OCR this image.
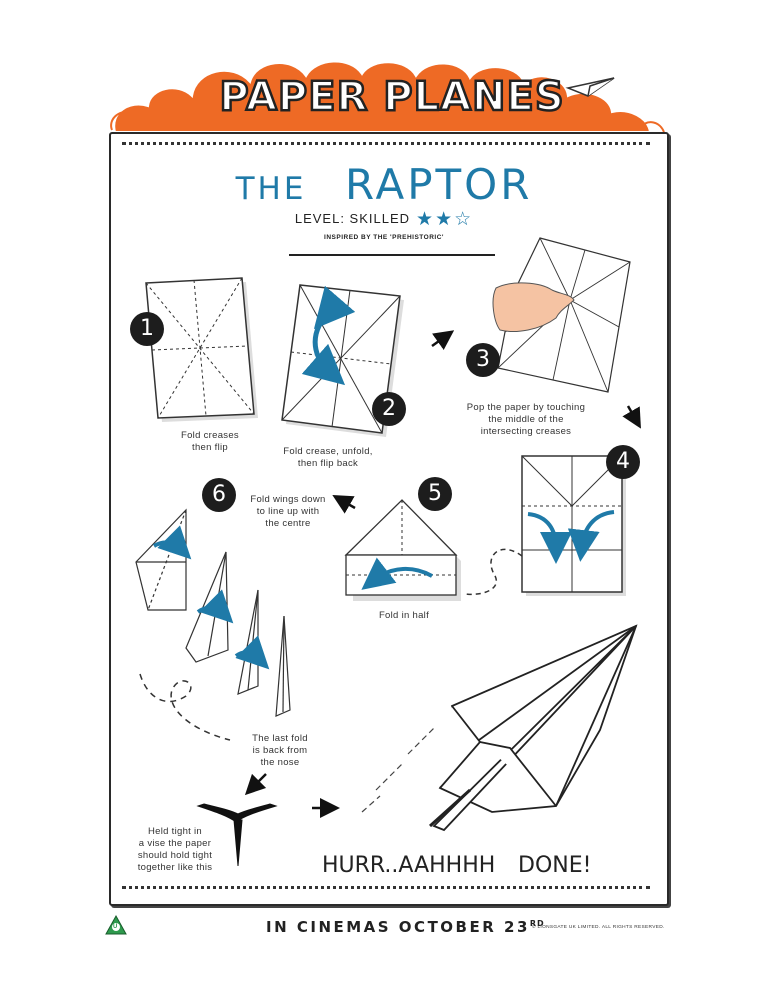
PAPER PLANES
THE RAPTOR
LEVEL: SKILLED ★★☆
INSPIRED BY THE 'PREHISTORIC'
1
2
3
4
5
6
Fold creases
then flip	Fold crease, unfold,
then flip back
Pop the paper by touching
the middle of the
intersecting creases
Fold in half
Fold wings down
to line up with
the centre
The last fold
is back from
the nose
Held tight in
a vise the paper
should hold tight
together like this	HURR..AAHHHH DONE!
IN CINEMAS OCTOBER 23RD
© LIONSGATE UK LIMITED. ALL RIGHTS RESERVED.
U
